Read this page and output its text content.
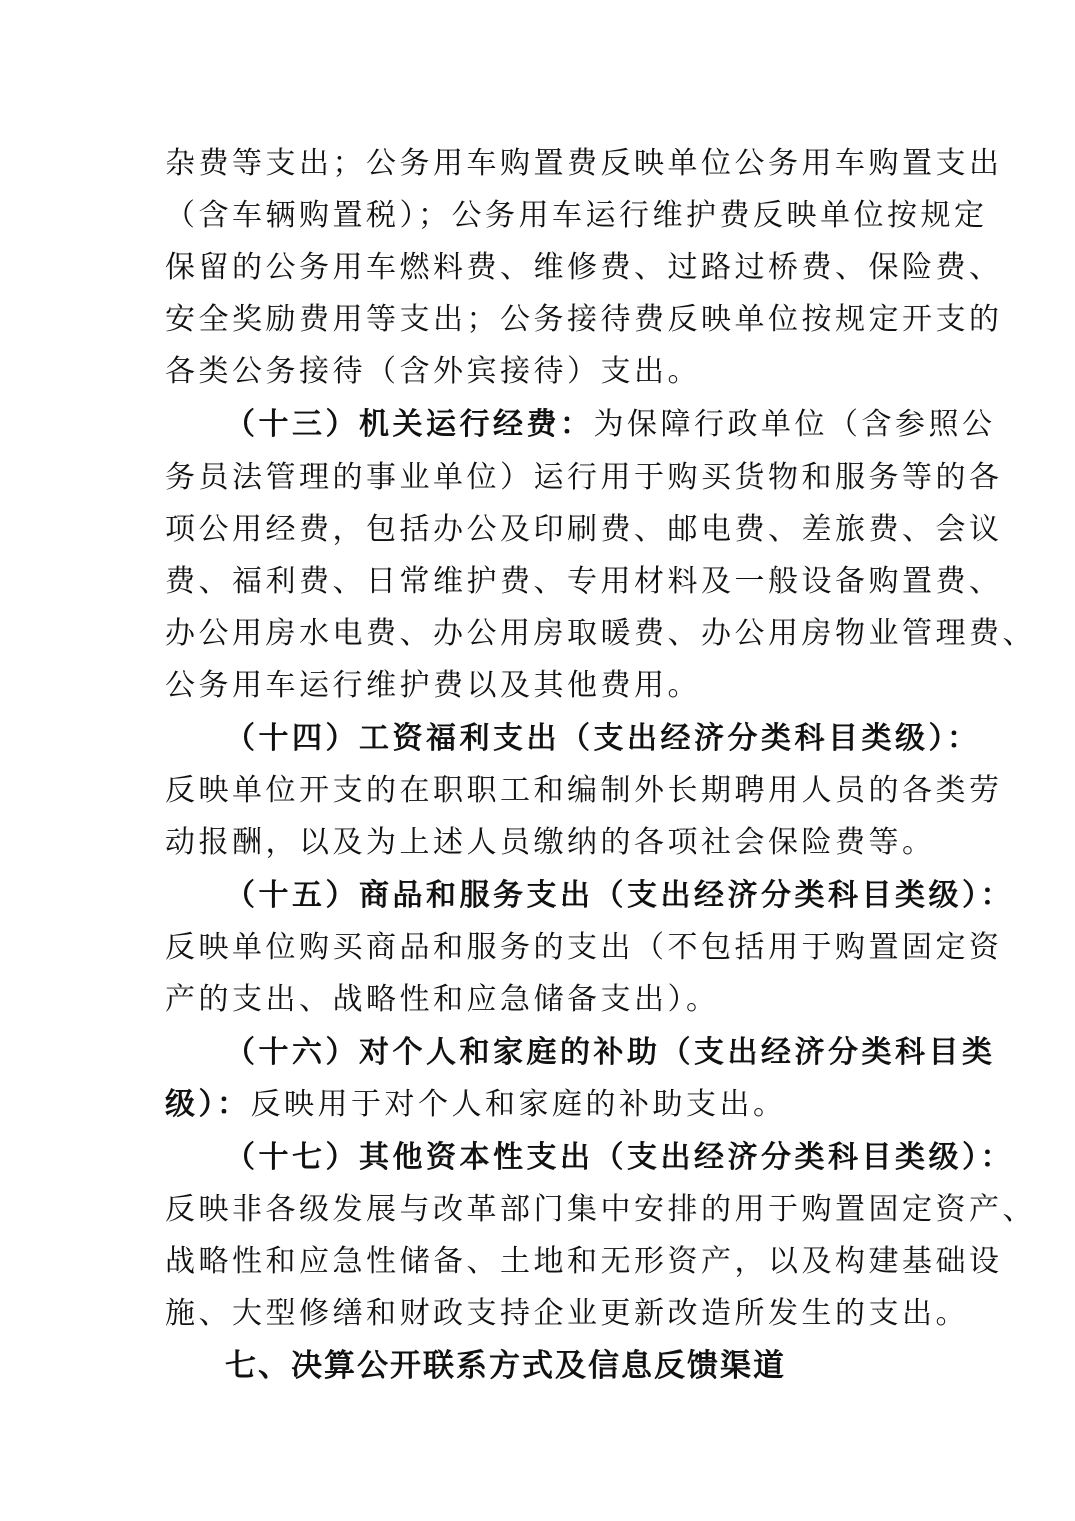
杂费等支出；公务用车购置费反映单位公务用车购置支出
（含车辆购置税）；公务用车运行维护费反映单位按规定
保留的公务用车燃料费、维修费、过路过桥费、保险费、
安全奖励费用等支出；公务接待费反映单位按规定开支的
各类公务接待（含外宾接待）支出。
（十三）机关运行经费：为保障行政单位（含参照公
务员法管理的事业单位）运行用于购买货物和服务等的各
项公用经费，包括办公及印刷费、邮电费、差旅费、会议
费、福利费、日常维护费、专用材料及一般设备购置费、
办公用房水电费、办公用房取暖费、办公用房物业管理费、
公务用车运行维护费以及其他费用。
（十四）工资福利支出（支出经济分类科目类级）：
反映单位开支的在职职工和编制外长期聘用人员的各类劳
动报酬，以及为上述人员缴纳的各项社会保险费等。
（十五）商品和服务支出（支出经济分类科目类级）：
反映单位购买商品和服务的支出（不包括用于购置固定资
产的支出、战略性和应急储备支出）。
（十六）对个人和家庭的补助（支出经济分类科目类
级）：反映用于对个人和家庭的补助支出。
（十七）其他资本性支出（支出经济分类科目类级）：
反映非各级发展与改革部门集中安排的用于购置固定资产、
战略性和应急性储备、土地和无形资产，以及构建基础设
施、大型修缮和财政支持企业更新改造所发生的支出。
七、决算公开联系方式及信息反馈渠道
